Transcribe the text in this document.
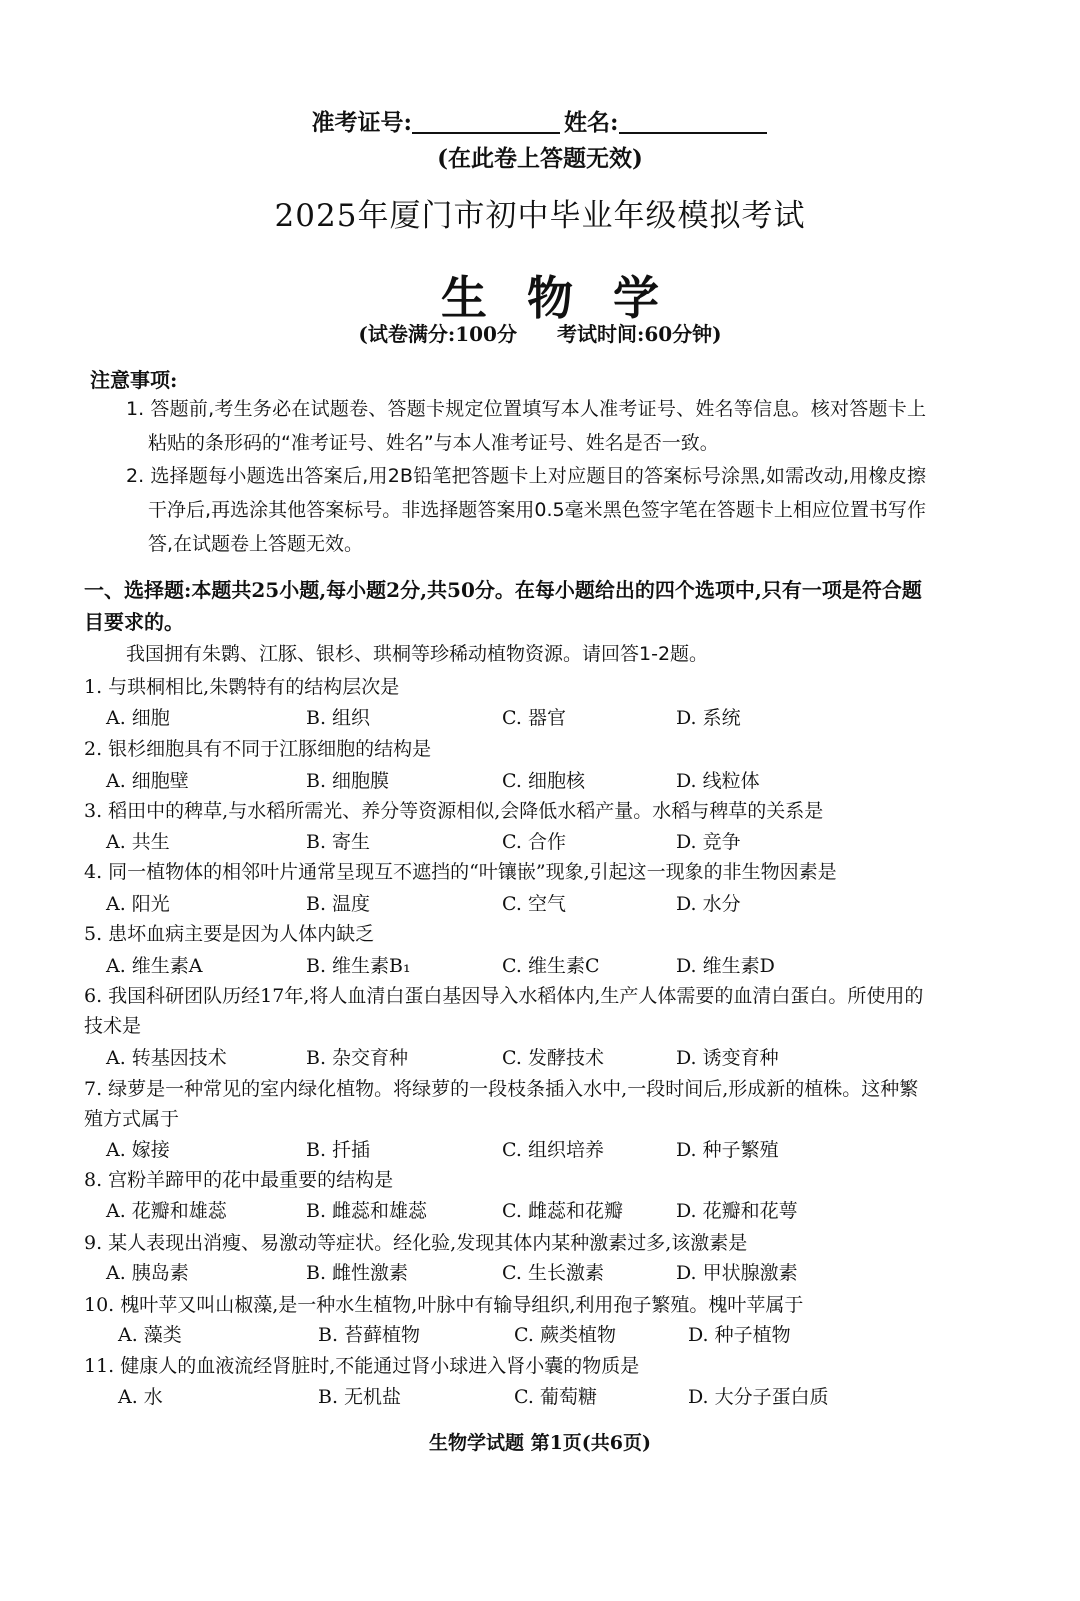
准考证号:	姓名:
(在此卷上答题无效)
2025年厦门市初中毕业年级模拟考试
生物学
(试卷满分:100分 考试时间:60分钟)
注意事项:
1. 答题前,考生务必在试题卷、答题卡规定位置填写本人准考证号、姓名等信息。核对答题卡上粘贴的条形码的“准考证号、姓名”与本人准考证号、姓名是否一致。
2. 选择题每小题选出答案后,用2B铅笔把答题卡上对应题目的答案标号涂黑,如需改动,用橡皮擦干净后,再选涂其他答案标号。非选择题答案用0.5毫米黑色签字笔在答题卡上相应位置书写作答,在试题卷上答题无效。
一、选择题:本题共25小题,每小题2分,共50分。在每小题给出的四个选项中,只有一项是符合题目要求的。
我国拥有朱鹮、江豚、银杉、珙桐等珍稀动植物资源。请回答1-2题。
1. 与珙桐相比,朱鹮特有的结构层次是
A. 细胞	B. 组织	C. 器官	D. 系统
2. 银杉细胞具有不同于江豚细胞的结构是
A. 细胞壁	B. 细胞膜	C. 细胞核	D. 线粒体
3. 稻田中的稗草,与水稻所需光、养分等资源相似,会降低水稻产量。水稻与稗草的关系是
A. 共生	B. 寄生	C. 合作	D. 竞争
4. 同一植物体的相邻叶片通常呈现互不遮挡的“叶镶嵌”现象,引起这一现象的非生物因素是
A. 阳光	B. 温度	C. 空气	D. 水分
5. 患坏血病主要是因为人体内缺乏
A. 维生素A	B. 维生素B₁	C. 维生素C	D. 维生素D
6. 我国科研团队历经17年,将人血清白蛋白基因导入水稻体内,生产人体需要的血清白蛋白。所使用的技术是
A. 转基因技术	B. 杂交育种	C. 发酵技术	D. 诱变育种
7. 绿萝是一种常见的室内绿化植物。将绿萝的一段枝条插入水中,一段时间后,形成新的植株。这种繁殖方式属于
A. 嫁接	B. 扦插	C. 组织培养	D. 种子繁殖
8. 宫粉羊蹄甲的花中最重要的结构是
A. 花瓣和雄蕊	B. 雌蕊和雄蕊	C. 雌蕊和花瓣	D. 花瓣和花萼
9. 某人表现出消瘦、易激动等症状。经化验,发现其体内某种激素过多,该激素是
A. 胰岛素	B. 雌性激素	C. 生长激素	D. 甲状腺激素
10. 槐叶苹又叫山椒藻,是一种水生植物,叶脉中有输导组织,利用孢子繁殖。槐叶苹属于
A. 藻类	B. 苔藓植物	C. 蕨类植物	D. 种子植物
11. 健康人的血液流经肾脏时,不能通过肾小球进入肾小囊的物质是
A. 水	B. 无机盐	C. 葡萄糖	D. 大分子蛋白质
生物学试题 第1页(共6页)
